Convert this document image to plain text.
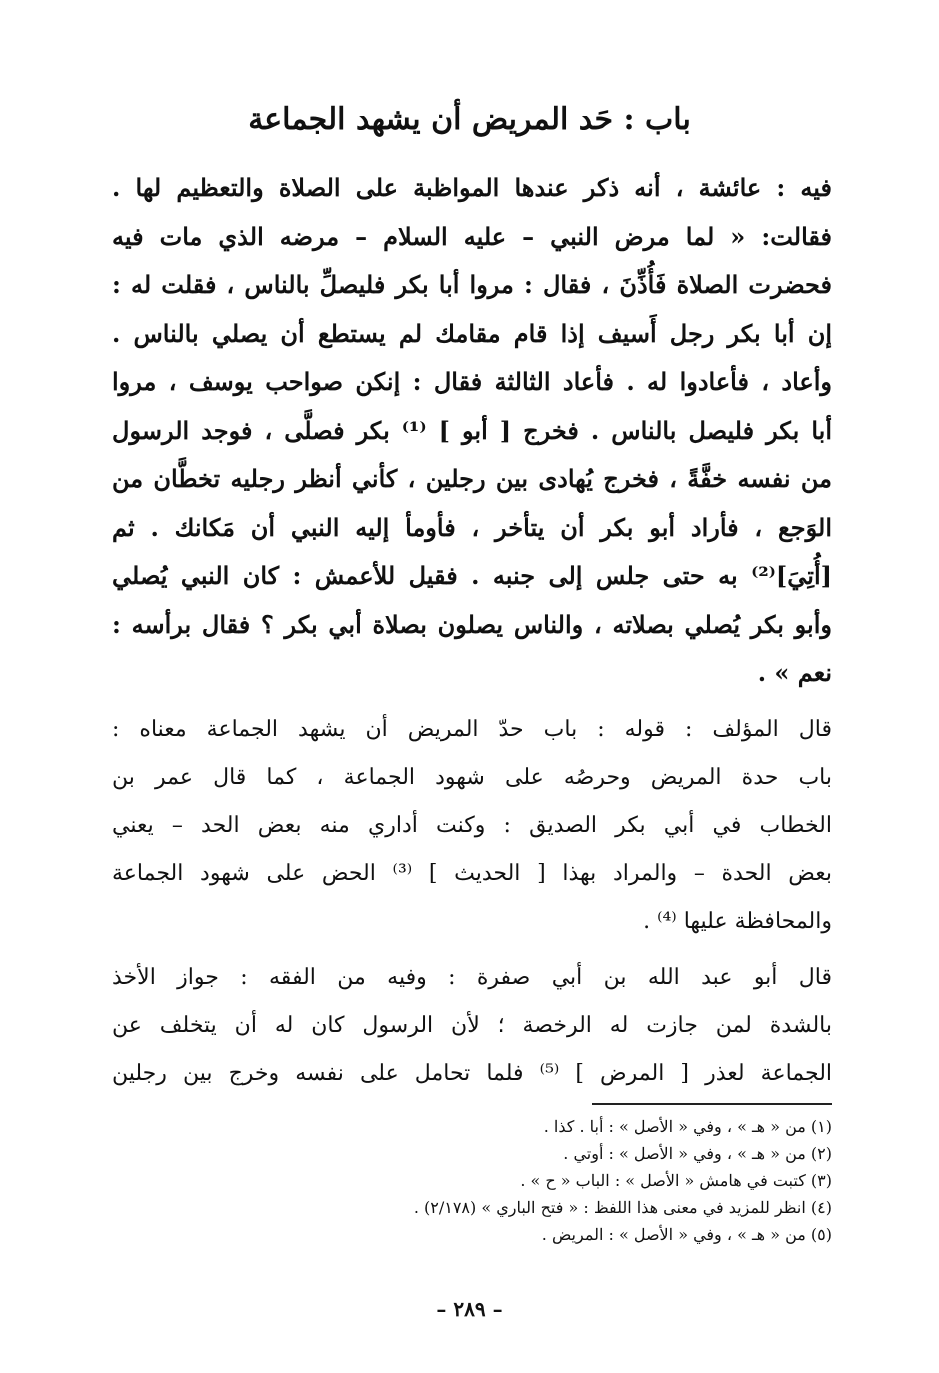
باب : حَد المريض أن يشهد الجماعة
فيه : عائشة ، أنه ذكر عندها المواظبة على الصلاة والتعظيم لها .
فقالت: « لما مرض النبي – عليه السلام – مرضه الذي مات فيه
فحضرت الصلاة فَأُذِّنَ ، فقال : مروا أبا بكر فليصلِّ بالناس ، فقلت له :
إن أبا بكر رجل أَسيف إذا قام مقامك لم يستطع أن يصلي بالناس .
وأعاد ، فأعادوا له . فأعاد الثالثة فقال : إنكن صواحب يوسف ، مروا
أبا بكر فليصل بالناس . فخرج [ أبو ] ⁽¹⁾ بكر فصلَّى ، فوجد الرسول
من نفسه خفَّةً ، فخرج يُهادى بين رجلين ، كأني أنظر رجليه تخطَّان من
الوَجع ، فأراد أبو بكر أن يتأخر ، فأومأ إليه النبي أن مَكانك . ثم
[أُتِيَ]⁽²⁾ به حتى جلس إلى جنبه . فقيل للأعمش : كان النبي يُصلي
وأبو بكر يُصلي بصلاته ، والناس يصلون بصلاة أبي بكر ؟ فقال برأسه :
نعم » .
قال المؤلف : قوله : باب حدّ المريض أن يشهد الجماعة معناه :
باب حدة المريض وحرصُه على شهود الجماعة ، كما قال عمر بن
الخطاب في أبي بكر الصديق : وكنت أداري منه بعض الحد – يعني
بعض الحدة – والمراد بهذا [ الحديث ] ⁽³⁾ الحض على شهود الجماعة
والمحافظة عليها ⁽⁴⁾ .
قال أبو عبد الله بن أبي صفرة : وفيه من الفقه : جواز الأخذ
بالشدة لمن جازت له الرخصة ؛ لأن الرسول كان له أن يتخلف عن
الجماعة لعذر [ المرض ] ⁽⁵⁾ فلما تحامل على نفسه وخرج بين رجلين
(١) من « هـ » ، وفي « الأصل » : أبا . كذا .
(٢) من « هـ » ، وفي « الأصل » : أوتي .
(٣) كتبت في هامش « الأصل » : الباب « ح » .
(٤) انظر للمزيد في معنى هذا اللفظ : « فتح الباري » (٢/١٧٨) .
(٥) من « هـ » ، وفي « الأصل » : المريض .
– ٢٨٩ –
